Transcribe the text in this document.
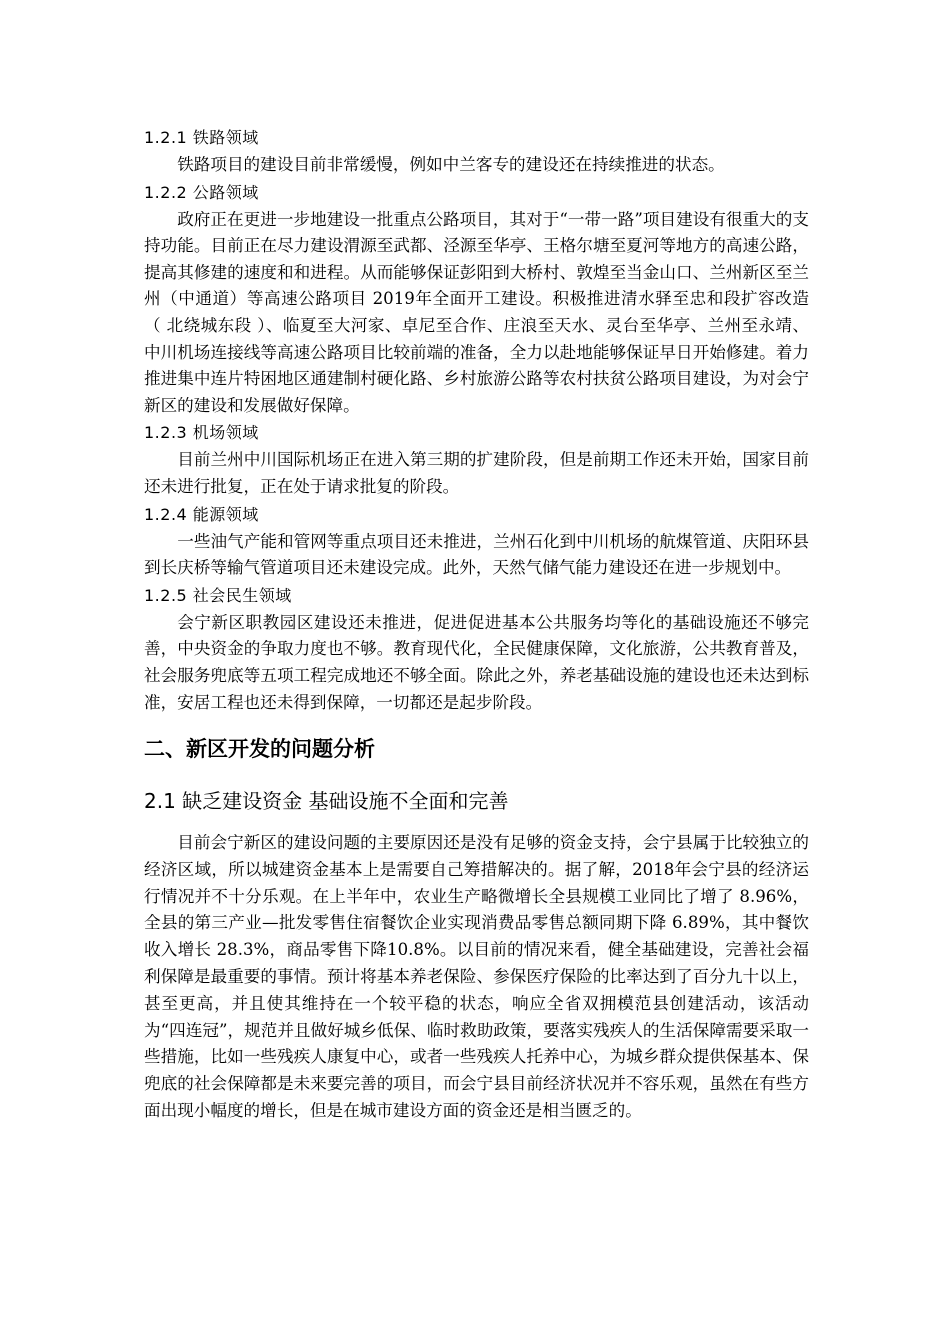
1.2.1 铁路领域

铁路项目的建设目前非常缓慢，例如中兰客专的建设还在持续推进的状态。

1.2.2 公路领域

政府正在更进一步地建设一批重点公路项目，其对于“一带一路”项目建设有很重大的支持功能。目前正在尽力建设渭源至武都、泾源至华亭、王格尔塘至夏河等地方的高速公路，提高其修建的速度和和进程。从而能够保证彭阳到大桥村、敦煌至当金山口、兰州新区至兰州（中通道）等高速公路项目 2019年全面开工建设。积极推进清水驿至忠和段扩容改造 （ 北绕城东段 ）、临夏至大河家、卓尼至合作、庄浪至天水、灵台至华亭、兰州至永靖、中川机场连接线等高速公路项目比较前端的准备，全力以赴地能够保证早日开始修建。着力推进集中连片特困地区通建制村硬化路、乡村旅游公路等农村扶贫公路项目建设，为对会宁新区的建设和发展做好保障。

1.2.3 机场领域

目前兰州中川国际机场正在进入第三期的扩建阶段，但是前期工作还未开始，国家目前还未进行批复，正在处于请求批复的阶段。

1.2.4 能源领域

一些油气产能和管网等重点项目还未推进，兰州石化到中川机场的航煤管道、庆阳环县到长庆桥等输气管道项目还未建设完成。此外，天然气储气能力建设还在进一步规划中。

1.2.5 社会民生领域

会宁新区职教园区建设还未推进，促进促进基本公共服务均等化的基础设施还不够完善，中央资金的争取力度也不够。教育现代化，全民健康保障，文化旅游，公共教育普及，社会服务兜底等五项工程完成地还不够全面。除此之外，养老基础设施的建设也还未达到标准，安居工程也还未得到保障，一切都还是起步阶段。

二、新区开发的问题分析
2.1 缺乏建设资金 基础设施不全面和完善

目前会宁新区的建设问题的主要原因还是没有足够的资金支持，会宁县属于比较独立的经济区域，所以城建资金基本上是需要自己筹措解决的。据了解，2018年会宁县的经济运行情况并不十分乐观。在上半年中，农业生产略微增长全县规模工业同比了增了 8.96%，全县的第三产业—批发零售住宿餐饮企业实现消费品零售总额同期下降 6.89%，其中餐饮收入增长 28.3%，商品零售下降10.8%。以目前的情况来看，健全基础建设，完善社会福利保障是最重要的事情。预计将基本养老保险、参保医疗保险的比率达到了百分九十以上，甚至更高，并且使其维持在一个较平稳的状态，响应全省双拥模范县创建活动，该活动为“四连冠”，规范并且做好城乡低保、临时救助政策，要落实残疾人的生活保障需要采取一些措施，比如一些残疾人康复中心，或者一些残疾人托养中心，为城乡群众提供保基本、保兜底的社会保障都是未来要完善的项目，而会宁县目前经济状况并不容乐观，虽然在有些方面出现小幅度的增长，但是在城市建设方面的资金还是相当匮乏的。
